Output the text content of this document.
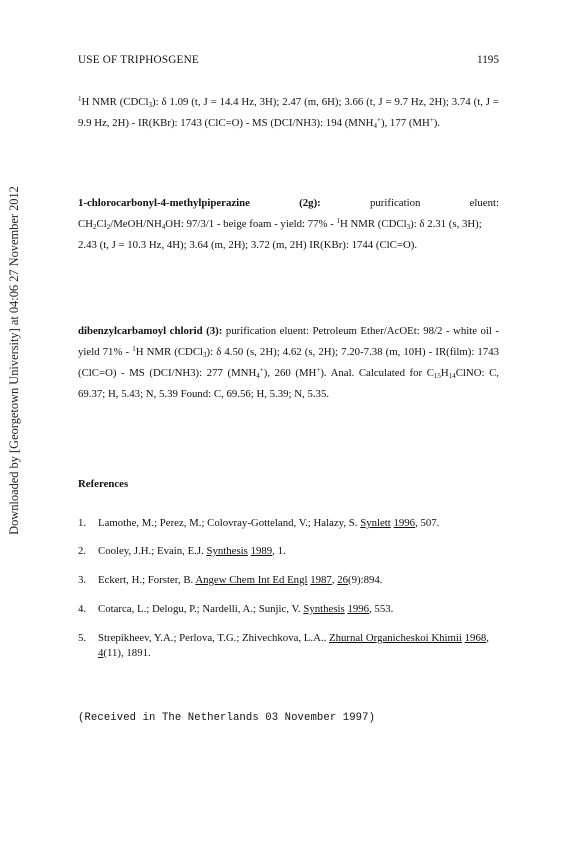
Downloaded by [Georgetown University] at 04:06 27 November 2012
USE OF TRIPHOSGENE	1195

$^1$H NMR (CDCl$_3$): δ 1.09 (t, J = 14.4 Hz, 3H); 2.47 (m, 6H); 3.66 (t, J = 9.7 Hz, 2H); 3.74 (t, J = 9.9 Hz, 2H) - IR(KBr): 1743 (ClC=O) - MS (DCI/NH3): 194 $(MNH_4^+)$, 177 (MH+).

1-chlorocarbonyl-4-methylpiperazine	(2g):	purification	eluent:
$CH_2Cl_2/MeOH/NH_4OH$: 97/3/1 - beige foam - yield: 77% - $^1$H NMR (CDCl$_3$): δ 2.31 (s, 3H); 2.43 (t, J = 10.3 Hz, 4H); 3.64 (m, 2H); 3.72 (m, 2H) IR(KBr): 1744 (ClC=O).

dibenzylcarbamoyl chlorid (3): purification eluent: Petroleum Ether/AcOEt: 98/2 - white oil - yield 71% - $^1$H NMR (CDCl$_3$): δ 4.50 (s, 2H); 4.62 (s, 2H); 7.20-7.38 (m, 10H) - IR(film): 1743 (ClC=O) - MS (DCI/NH3): 277 $(MNH_4^+)$, 260 (MH+). Anal. Calculated for $C_{15}H_{14}ClNO$: C, 69.37; H, 5.43; N, 5.39 Found: C, 69.56; H, 5.39; N, 5.35.

References
1. Lamothe, M.; Perez, M.; Colovray-Gotteland, V.; Halazy, S. Synlett 1996, 507.
2. Cooley, J.H.; Evain, E.J. Synthesis 1989, 1.
3. Eckert, H.; Forster, B. Angew Chem Int Ed Engl 1987, 26(9):894.
4. Cotarca, L.; Delogu, P.; Nardelli, A.; Sunjic, V. Synthesis 1996, 553.
5. Strepikheev, Y.A.; Perlova, T.G.; Zhivechkova, L.A.. Zhurnal Organicheskoi Khimii 1968, 4(11), 1891.
(Received in The Netherlands 03 November 1997)
